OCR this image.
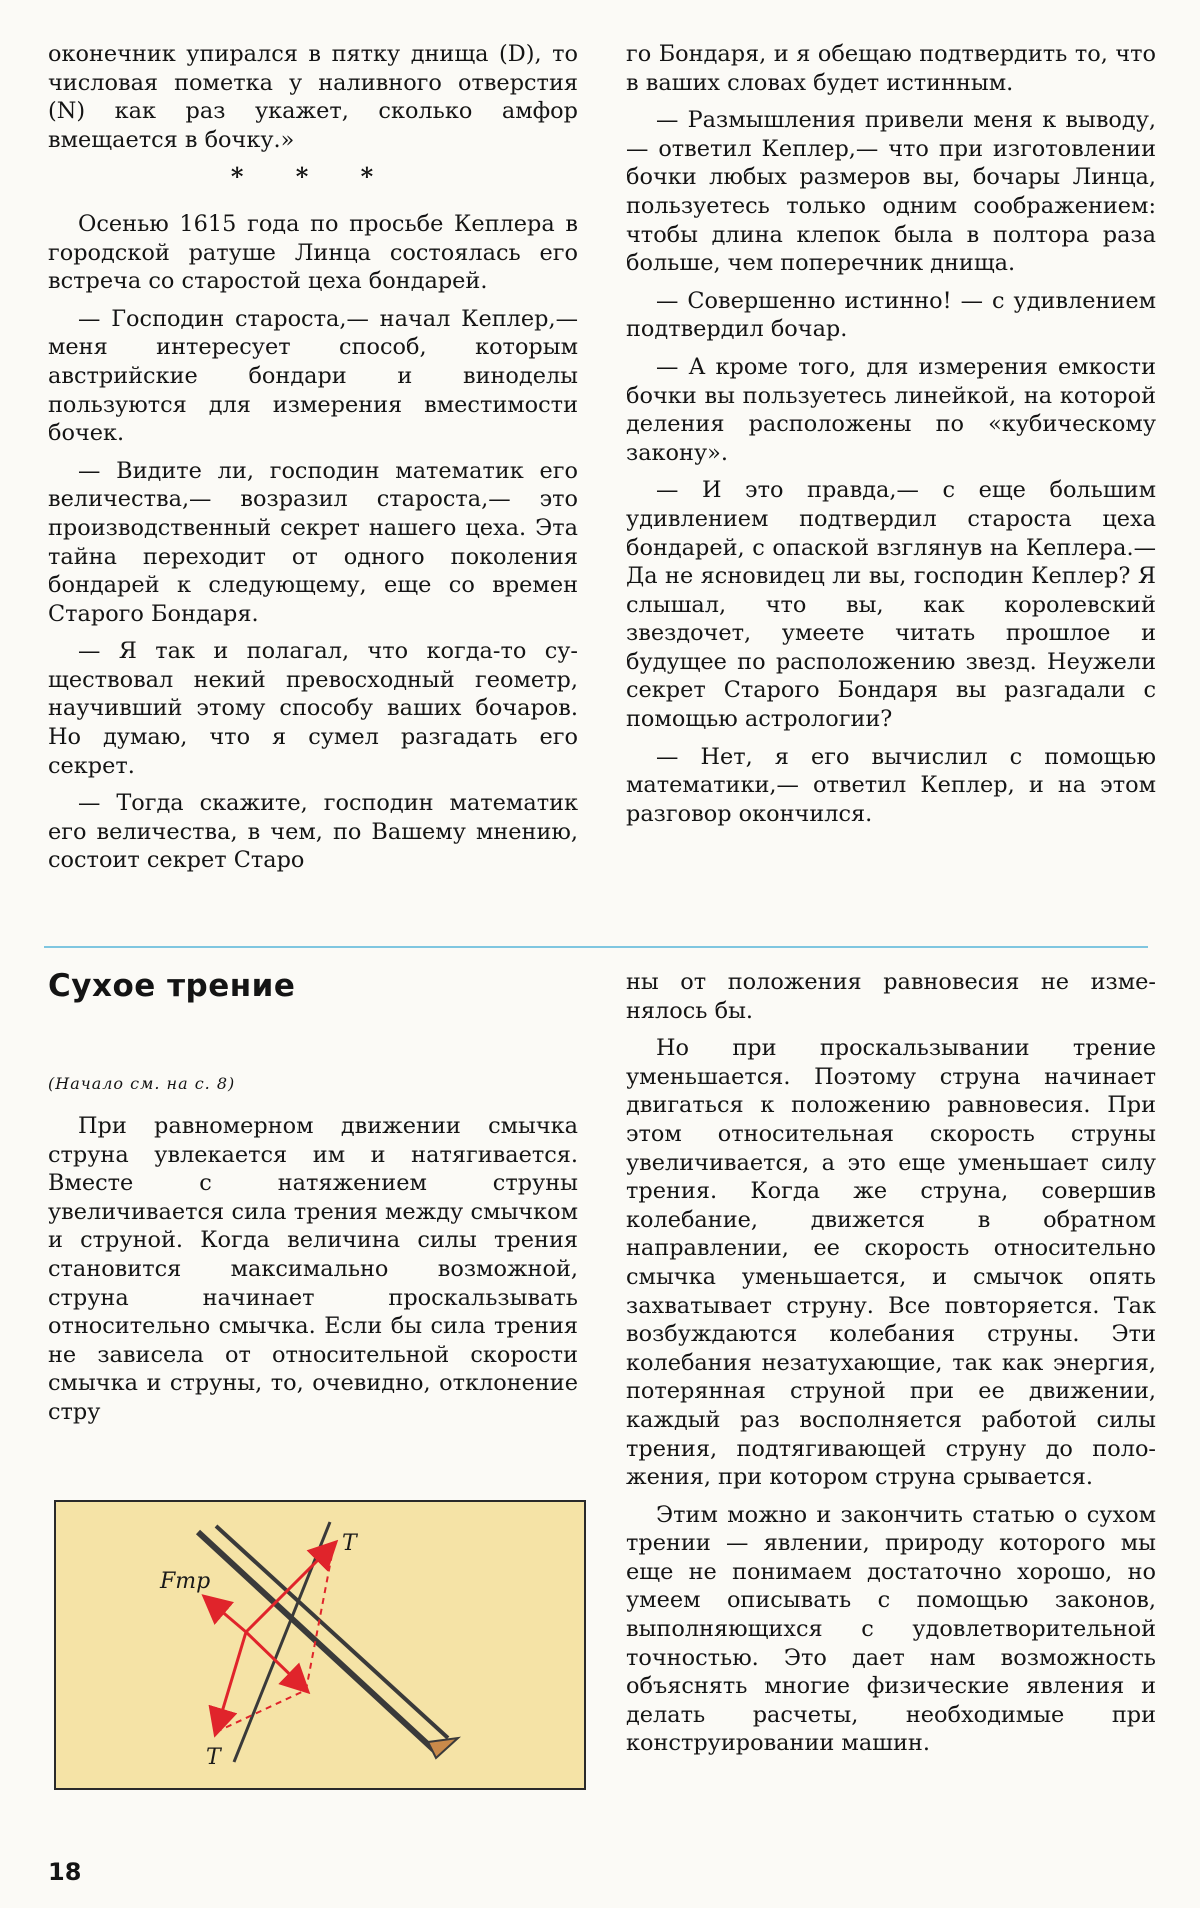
оконечник упирался в пятку днища (D), то числовая пометка у наливного отверстия (N) как раз укажет, сколько амфор вмещается в бочку.»

* * *

Осенью 1615 года по просьбе Кеплера в городской ратуше Линца состоялась его встреча со старостой цеха бондарей.

— Господин староста,— начал Кеплер,— меня интересует способ, которым австрийские бондари и виноделы пользуются для измерения вместимости бочек.

— Видите ли, господин математик его величества,— возразил староста,— это производственный секрет нашего цеха. Эта тайна переходит от одного поколения бондарей к следующему, еще со времен Старого Бондаря.

— Я так и полагал, что когда-то существовал некий превосходный геометр, научивший этому способу ваших бочаров. Но думаю, что я сумел разгадать его секрет.

— Тогда скажите, господин математик его величества, в чем, по Вашему мнению, состоит секрет Старо

го Бондаря, и я обещаю подтвердить то, что в ваших словах будет истинным.

— Размышления привели меня к выводу,— ответил Кеплер,— что при изготовлении бочки любых размеров вы, бочары Линца, пользуетесь только одним соображением: чтобы длина клепок была в полтора раза больше, чем поперечник днища.

— Совершенно истинно! — с удивлением подтвердил бочар.

— А кроме того, для измерения емкости бочки вы пользуетесь линейкой, на которой деления расположены по «кубическому закону».

— И это правда,— с еще большим удивлением подтвердил староста цеха бондарей, с опаской взглянув на Кеплера.— Да не ясновидец ли вы, господин Кеплер? Я слышал, что вы, как королевский звездочет, умеете читать прошлое и будущее по расположению звезд. Неужели секрет Старого Бондаря вы разгадали с помощью астрологии?

— Нет, я его вычислил с помощью математики,— ответил Кеплер, и на этом разговор окончился.

Сухое трение
(Начало см. на с. 8)

При равномерном движении смычка струна увлекается им и натягивается. Вместе с натяжением струны увеличивается сила трения между смычком и струной. Когда величина силы трения становится максимально возможной, струна начинает проскальзывать относительно смычка. Если бы сила трения не зависела от относительной скорости смычка и струны, то, очевидно, отклонение стру

ны от положения равновесия не изменялось бы.

Но при проскальзывании трение уменьшается. Поэтому струна начинает двигаться к положению равновесия. При этом относительная скорость струны увеличивается, а это еще уменьшает силу трения. Когда же струна, совершив колебание, движется в обратном направлении, ее скорость относительно смычка уменьшается, и смычок опять захватывает струну. Все повторяется. Так возбуждаются колебания струны. Эти колебания незатухающие, так как энергия, потерянная струной при ее движении, каждый раз восполняется работой силы трения, подтягивающей струну до положения, при котором струна срывается.

Этим можно и закончить статью о сухом трении — явлении, природу которого мы еще не понимаем достаточно хорошо, но умеем описывать с помощью законов, выполняющихся с удовлетворительной точностью. Это дает нам возможность объяснять многие физические явления и делать расчеты, необходимые при конструировании машин.

Fтр
T
T
18
